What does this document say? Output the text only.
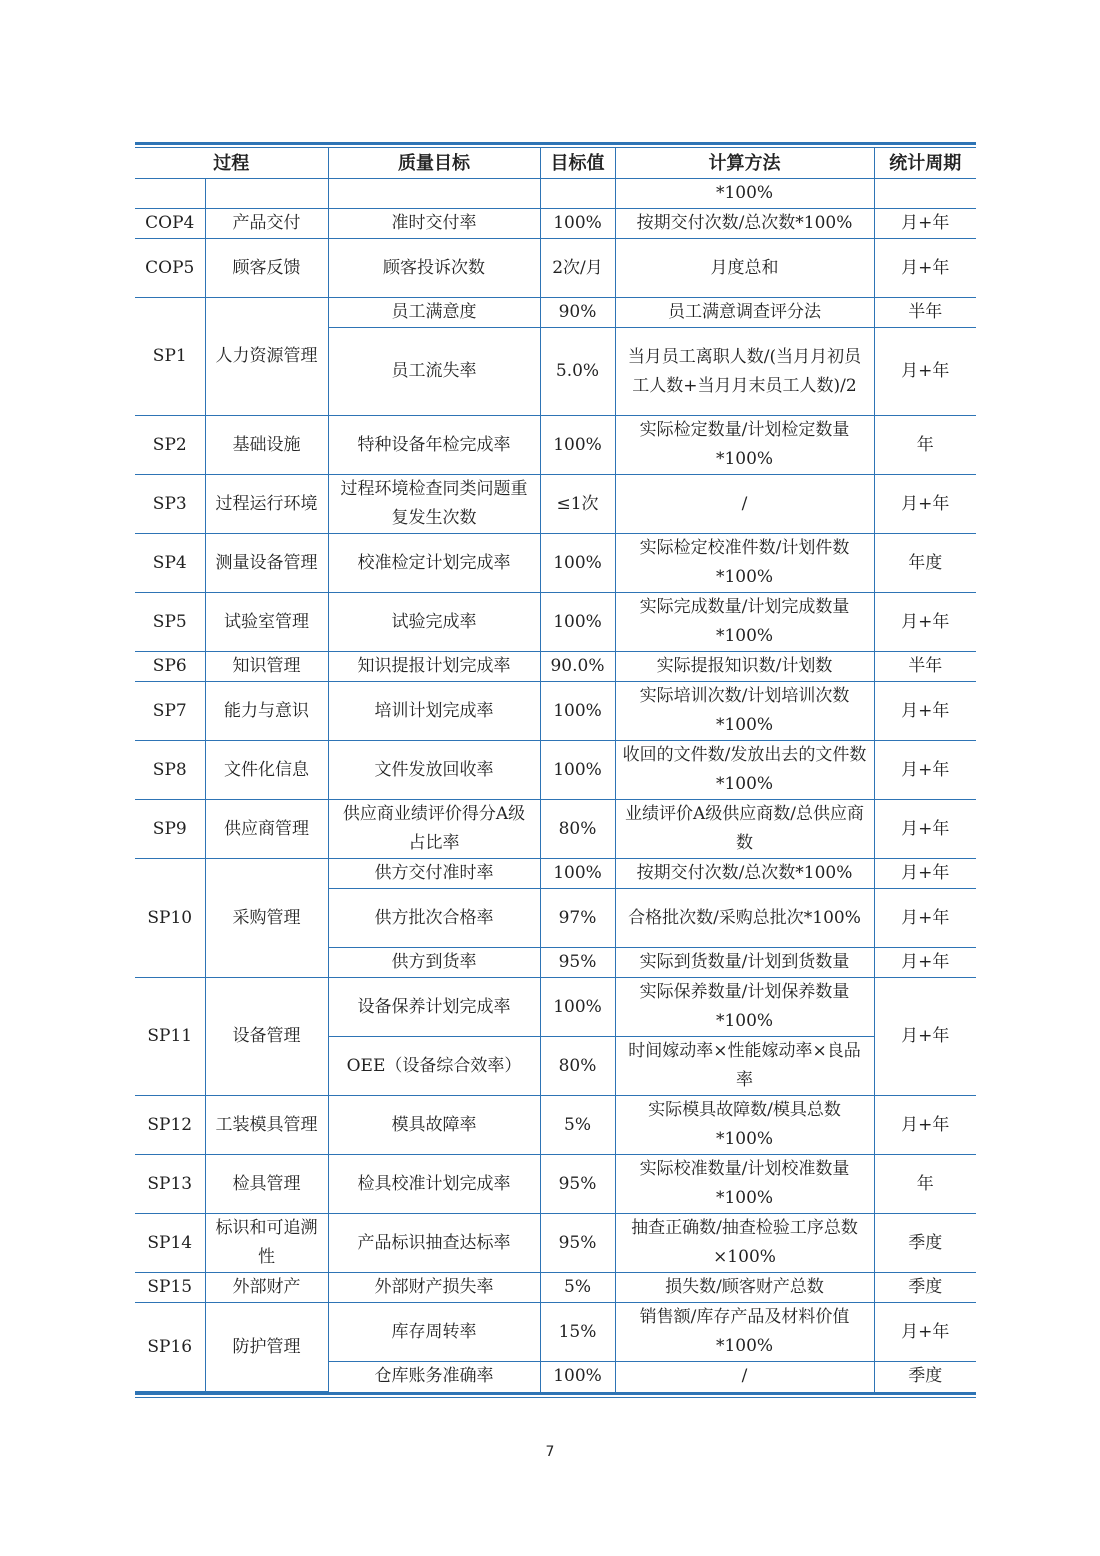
过程		质量目标	目标值	计算方法	统计周期
				*100%	
COP4	产品交付	准时交付率	100%	按期交付次数/总次数*100%	月+年
COP5	顾客反馈	顾客投诉次数	2次/月	月度总和	月+年
SP1	人力资源管理	员工满意度	90%	员工满意调查评分法	半年
		员工流失率	5.0%	当月员工离职人数/(当月月初员工人数+当月月末员工人数)/2	月+年
SP2	基础设施	特种设备年检完成率	100%	实际检定数量/计划检定数量*100%	年
SP3	过程运行环境	过程环境检查同类问题重复发生次数	≤1次	/	月+年
SP4	测量设备管理	校准检定计划完成率	100%	实际检定校准件数/计划件数*100%	年度
SP5	试验室管理	试验完成率	100%	实际完成数量/计划完成数量*100%	月+年
SP6	知识管理	知识提报计划完成率	90.0%	实际提报知识数/计划数	半年
SP7	能力与意识	培训计划完成率	100%	实际培训次数/计划培训次数*100%	月+年
SP8	文件化信息	文件发放回收率	100%	收回的文件数/发放出去的文件数*100%	月+年
SP9	供应商管理	供应商业绩评价得分A级占比率	80%	业绩评价A级供应商数/总供应商数	月+年
SP10	采购管理	供方交付准时率	100%	按期交付次数/总次数*100%	月+年
		供方批次合格率	97%	合格批次数/采购总批次*100%	月+年
		供方到货率	95%	实际到货数量/计划到货数量	月+年
SP11	设备管理	设备保养计划完成率	100%	实际保养数量/计划保养数量*100%	月+年
		OEE（设备综合效率）	80%	时间嫁动率×性能嫁动率×良品率	
SP12	工装模具管理	模具故障率	5%	实际模具故障数/模具总数*100%	月+年
SP13	检具管理	检具校准计划完成率	95%	实际校准数量/计划校准数量*100%	年
SP14	标识和可追溯性	产品标识抽查达标率	95%	抽查正确数/抽查检验工序总数×100%	季度
SP15	外部财产	外部财产损失率	5%	损失数/顾客财产总数	季度
SP16	防护管理	库存周转率	15%	销售额/库存产品及材料价值*100%	月+年
		仓库账务准确率	100%	/	季度
7
